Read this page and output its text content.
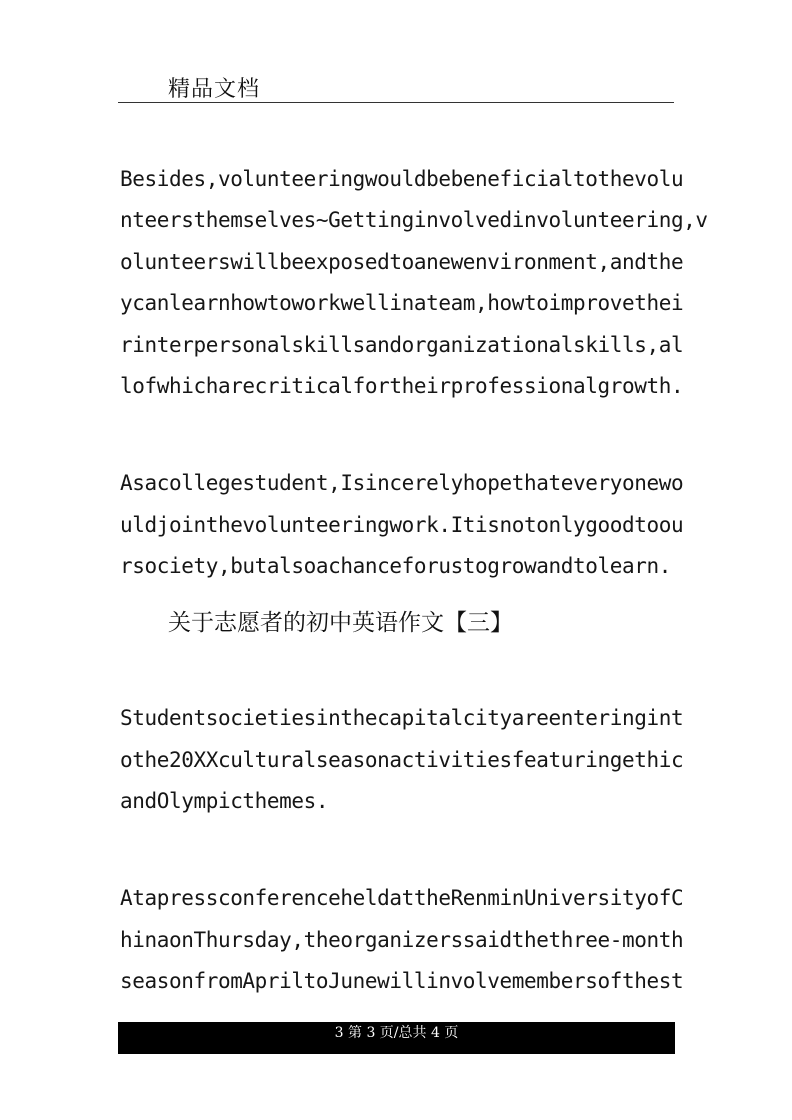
精品文档
Besides,volunteeringwouldbebeneficialtothevolu
nteersthemselves~Gettinginvolvedinvolunteering,v
olunteerswillbeexposedtoanewenvironment,andthe
ycanlearnhowtoworkwellinateam,howtoimprovethei
rinterpersonalskillsandorganizationalskills,al
lofwhicharecriticalfortheirprofessionalgrowth.
Asacollegestudent,Isincerelyhopethateveryonewo
uldjointhevolunteeringwork.Itisnotonlygoodtoou
rsociety,butalsoachanceforustogrowandtolearn.
关于志愿者的初中英语作文【三】
Studentsocietiesinthecapitalcityareenteringint
othe20XXculturalseasonactivitiesfeaturingethic
andOlympicthemes.
AtapressconferenceheldattheRenminUniversityofC
hinaonThursday,theorganizerssaidthethree-month
seasonfromApriltoJunewillinvolvemembersofthest
3 第 3 页/总共 4 页
